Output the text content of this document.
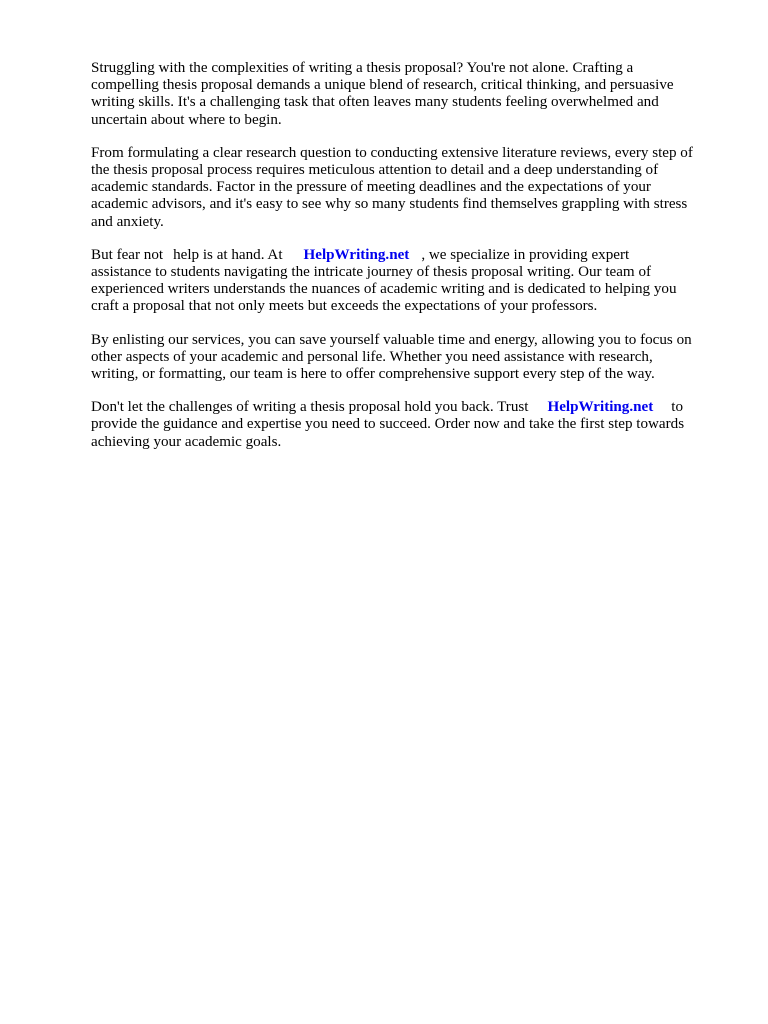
Struggling with the complexities of writing a thesis proposal? You're not alone. Crafting a
compelling thesis proposal demands a unique blend of research, critical thinking, and persuasive
writing skills. It's a challenging task that often leaves many students feeling overwhelmed and
uncertain about where to begin.

From formulating a clear research question to conducting extensive literature reviews, every step of
the thesis proposal process requires meticulous attention to detail and a deep understanding of
academic standards. Factor in the pressure of meeting deadlines and the expectations of your
academic advisors, and it's easy to see why so many students find themselves grappling with stress
and anxiety.

But fear not help is at hand. At HelpWriting.net , we specialize in providing expert
assistance to students navigating the intricate journey of thesis proposal writing. Our team of
experienced writers understands the nuances of academic writing and is dedicated to helping you
craft a proposal that not only meets but exceeds the expectations of your professors.

By enlisting our services, you can save yourself valuable time and energy, allowing you to focus on
other aspects of your academic and personal life. Whether you need assistance with research,
writing, or formatting, our team is here to offer comprehensive support every step of the way.

Don't let the challenges of writing a thesis proposal hold you back. Trust HelpWriting.net to
provide the guidance and expertise you need to succeed. Order now and take the first step towards
achieving your academic goals.
